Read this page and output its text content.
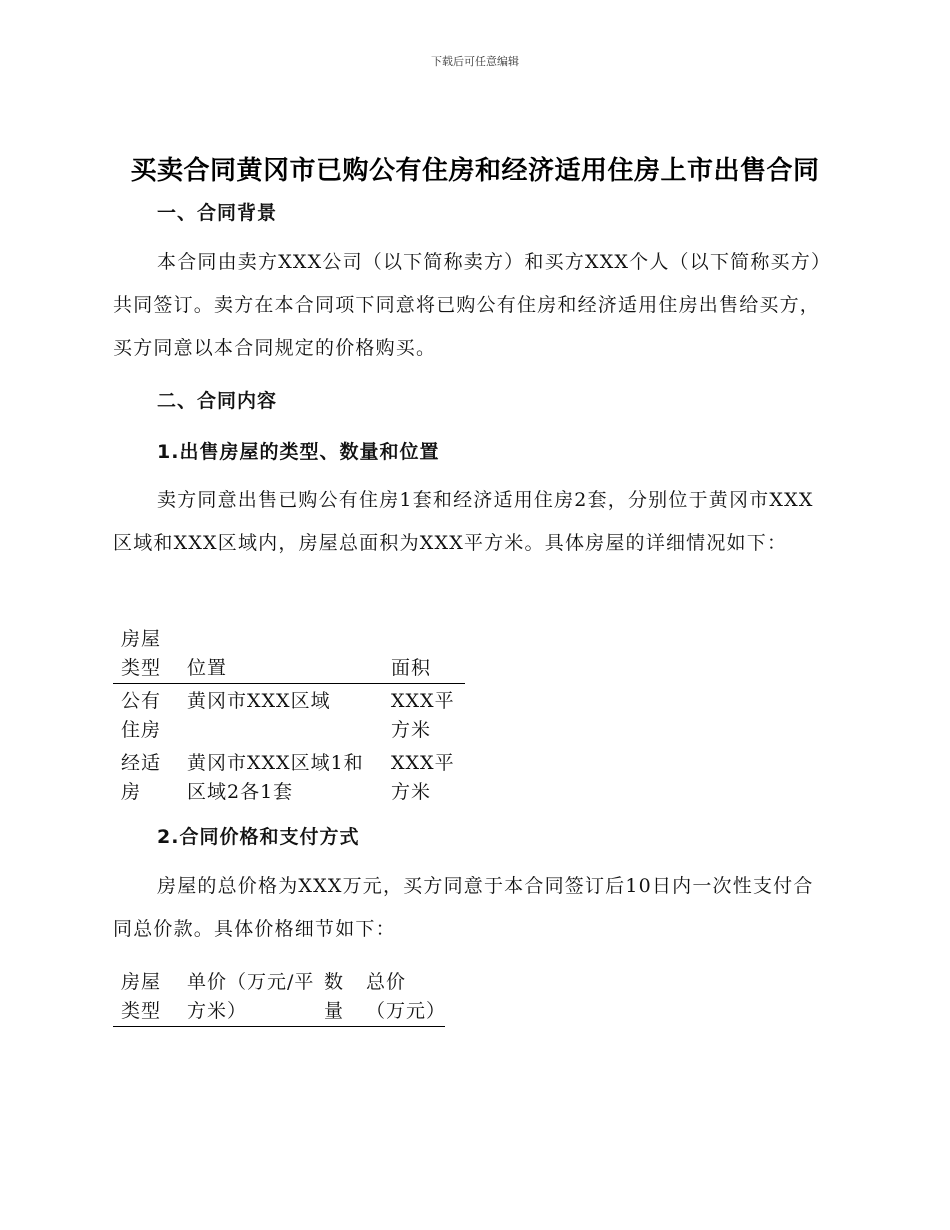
下载后可任意编辑
买卖合同黄冈市已购公有住房和经济适用住房上市出售合同
一、合同背景
本合同由卖方XXX公司（以下简称卖方）和买方XXX个人（以下简称买方）共同签订。卖方在本合同项下同意将已购公有住房和经济适用住房出售给买方，买方同意以本合同规定的价格购买。
二、合同内容
1.出售房屋的类型、数量和位置
卖方同意出售已购公有住房1套和经济适用住房2套，分别位于黄冈市XXX区域和XXX区域内，房屋总面积为XXX平方米。具体房屋的详细情况如下：
房屋类型	位置	面积
公有住房	黄冈市XXX区域	XXX平方米
经适房	黄冈市XXX区域1和区域2各1套	XXX平方米
2.合同价格和支付方式
房屋的总价格为XXX万元，买方同意于本合同签订后10日内一次性支付合同总价款。具体价格细节如下：
房屋类型	单价（万元/平方米）	数量	总价（万元）
